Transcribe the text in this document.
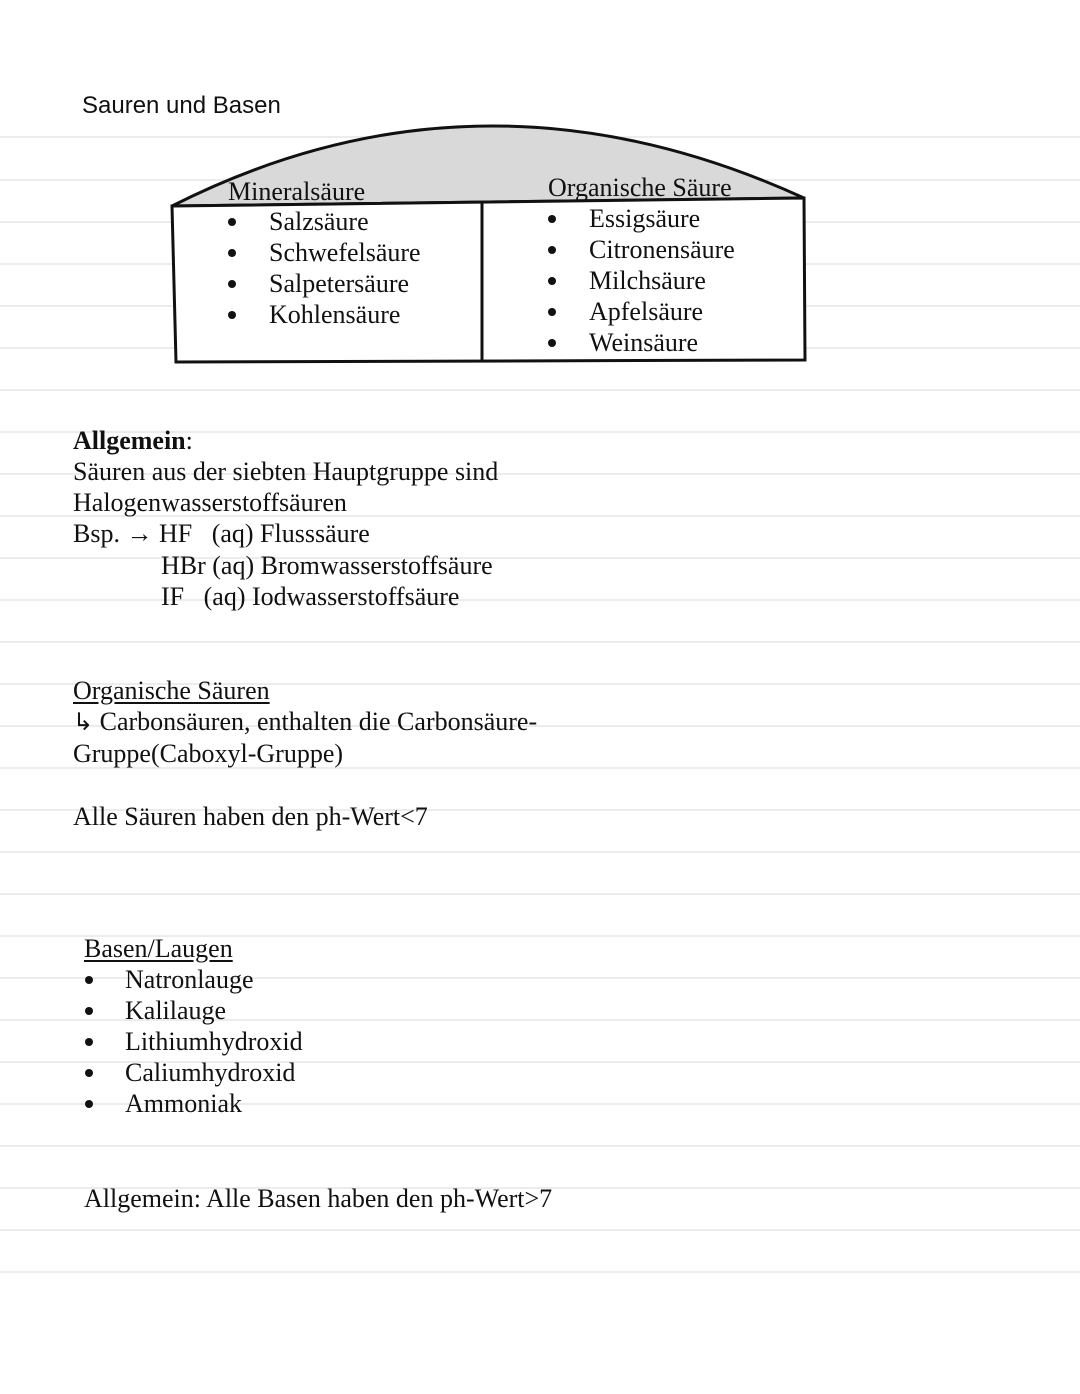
Sauren und Basen
Mineralsäure
Salzsäure
Schwefelsäure
Salpetersäure
Kohlensäure
Organische Säure
Essigsäure
Citronensäure
Milchsäure
Apfelsäure
Weinsäure
Allgemein:
Säuren aus der siebten Hauptgruppe sind
Halogenwasserstoffsäuren
Bsp. → HF   (aq) Flusssäure
HBr (aq) Bromwasserstoffsäure
IF   (aq) Iodwasserstoffsäure
Organische Säuren
↳ Carbonsäuren, enthalten die Carbonsäure-
Gruppe(Caboxyl-Gruppe)
Alle Säuren haben den ph-Wert<7
Basen/Laugen
Natronlauge
Kalilauge
Lithiumhydroxid
Caliumhydroxid
Ammoniak
Allgemein: Alle Basen haben den ph-Wert>7
